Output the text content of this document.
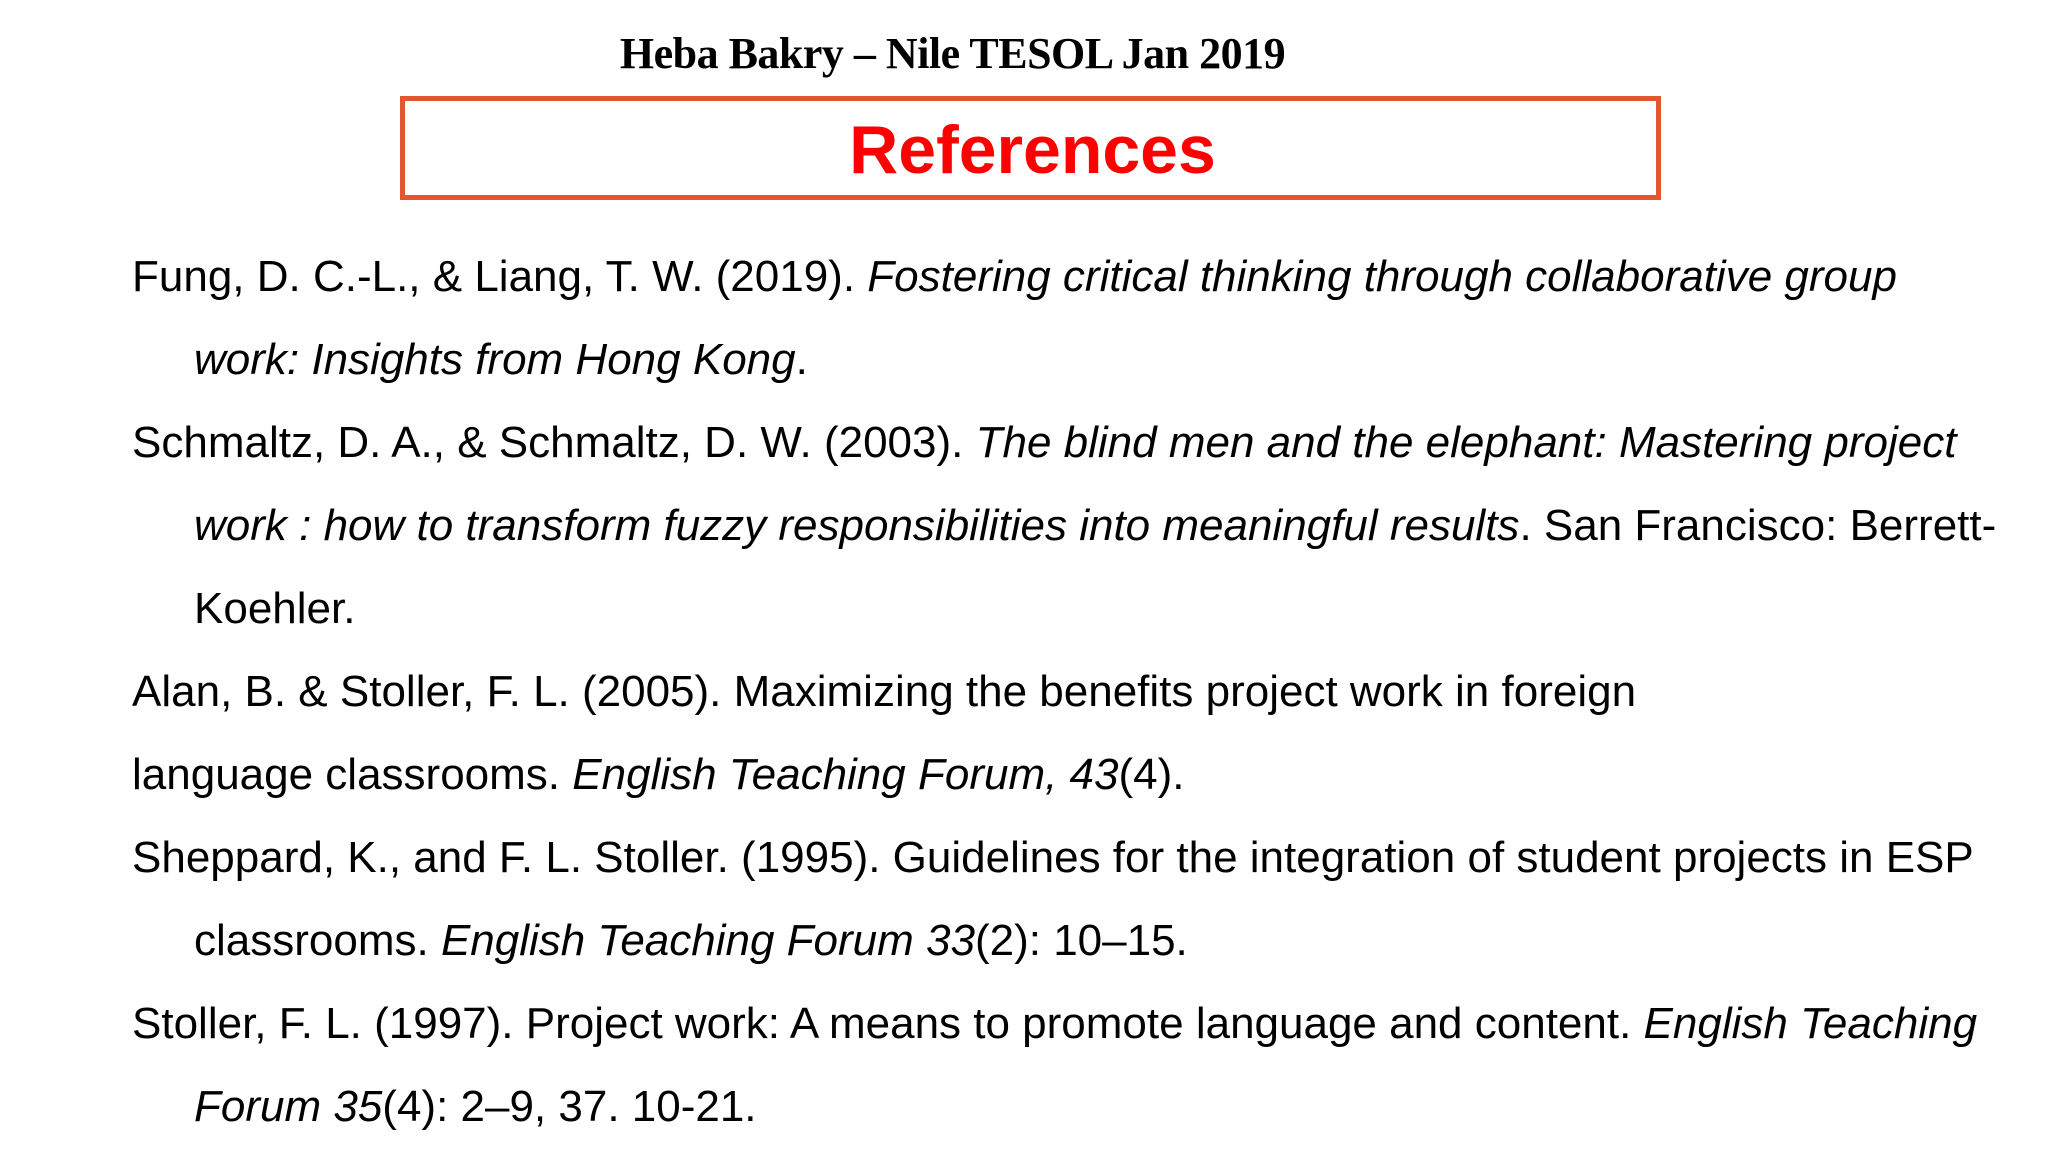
Heba Bakry – Nile TESOL Jan 2019
References
Fung, D. C.-L., & Liang, T. W. (2019). Fostering critical thinking through collaborative group work: Insights from Hong Kong.
Schmaltz, D. A., & Schmaltz, D. W. (2003). The blind men and the elephant: Mastering project work : how to transform fuzzy responsibilities into meaningful results. San Francisco: Berrett-Koehler.
Alan, B. & Stoller, F. L. (2005). Maximizing the benefits project work in foreign
language classrooms. English Teaching Forum, 43(4).
Sheppard, K., and F. L. Stoller. (1995). Guidelines for the integration of student projects in ESP classrooms. English Teaching Forum 33(2): 10–15.
Stoller, F. L. (1997). Project work: A means to promote language and content. English Teaching Forum 35(4): 2–9, 37. 10-21.
